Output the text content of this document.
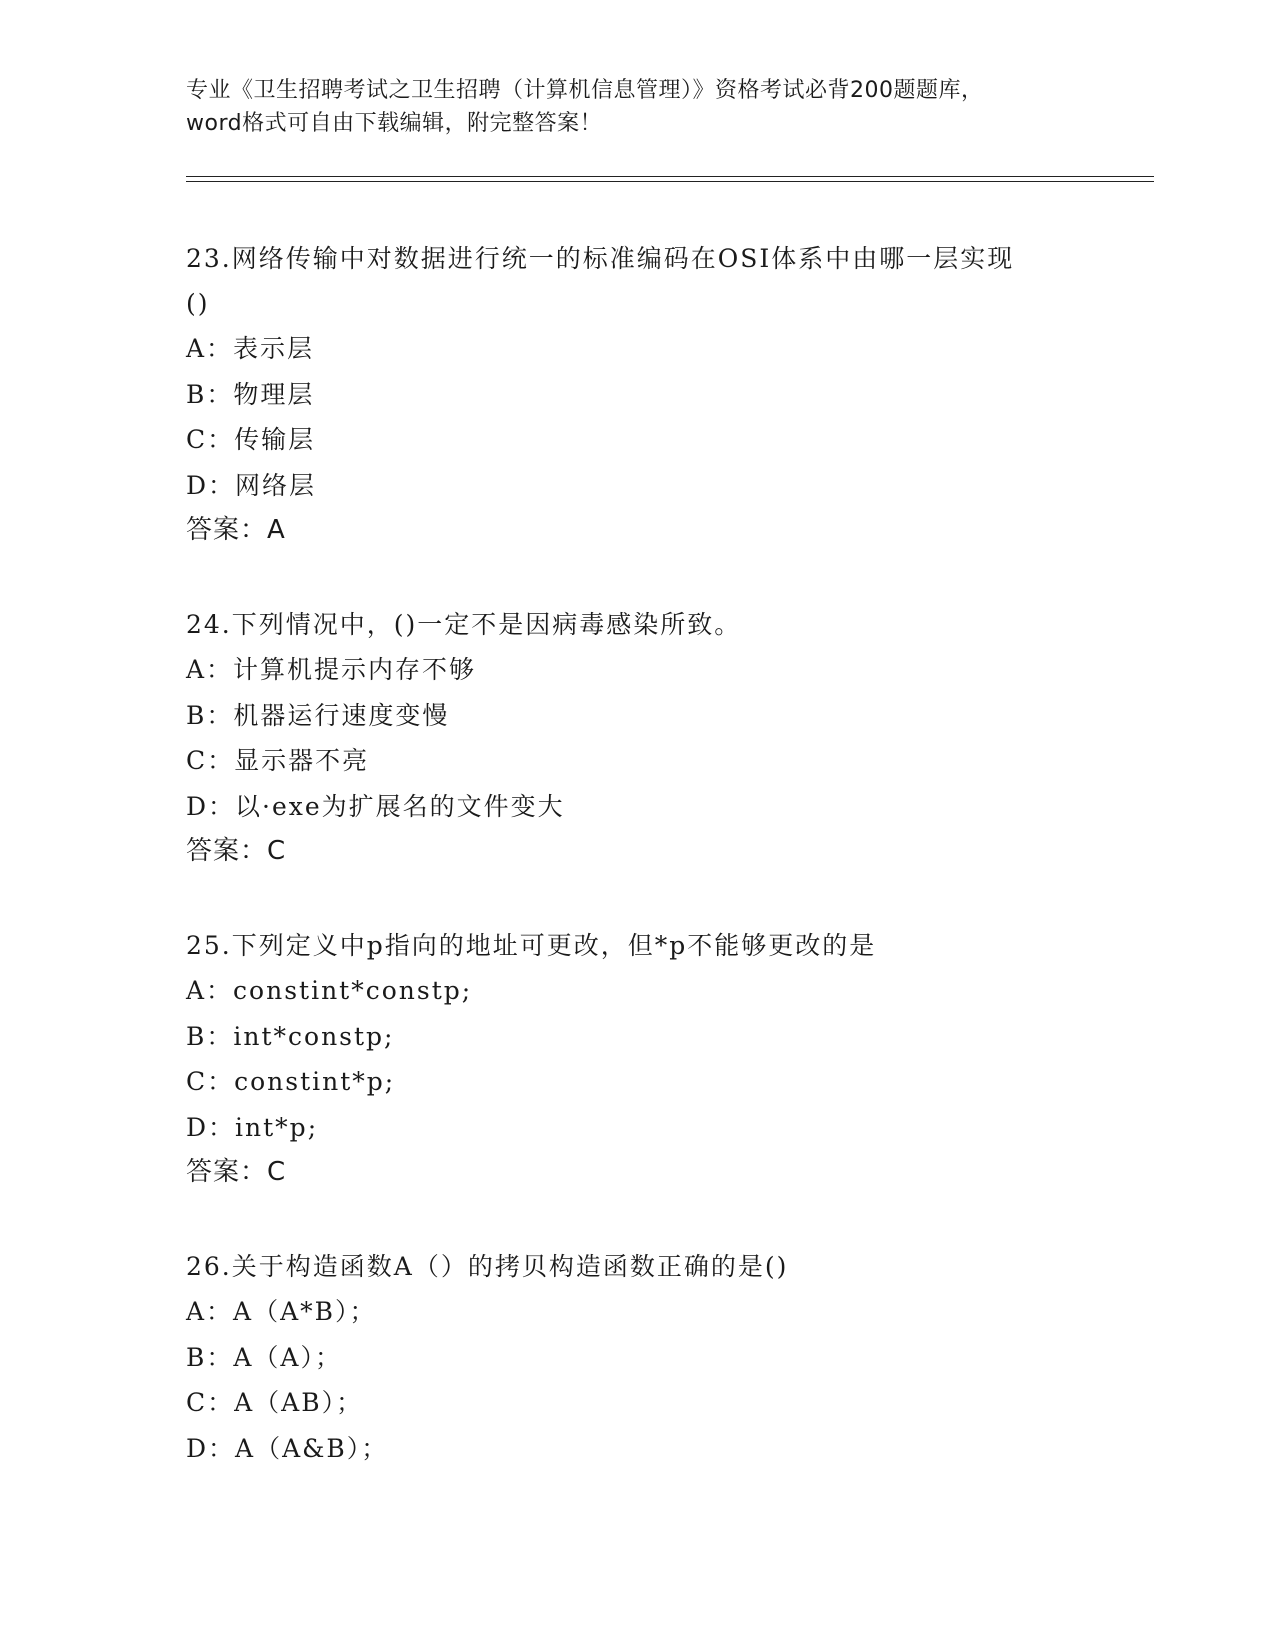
专业《卫生招聘考试之卫生招聘（计算机信息管理）》资格考试必背200题题库，
word格式可自由下载编辑，附完整答案！
23.网络传输中对数据进行统一的标准编码在OSI体系中由哪一层实现
()
A：表示层
B：物理层
C：传输层
D：网络层
答案：A
24.下列情况中，()一定不是因病毒感染所致。
A：计算机提示内存不够
B：机器运行速度变慢
C：显示器不亮
D：以·exe为扩展名的文件变大
答案：C
25.下列定义中p指向的地址可更改，但*p不能够更改的是
A：constint*constp;
B：int*constp;
C：constint*p;
D：int*p;
答案：C
26.关于构造函数A（）的拷贝构造函数正确的是()
A：A（A*B）；
B：A（A）；
C：A（AB）；
D：A（A&B）；
